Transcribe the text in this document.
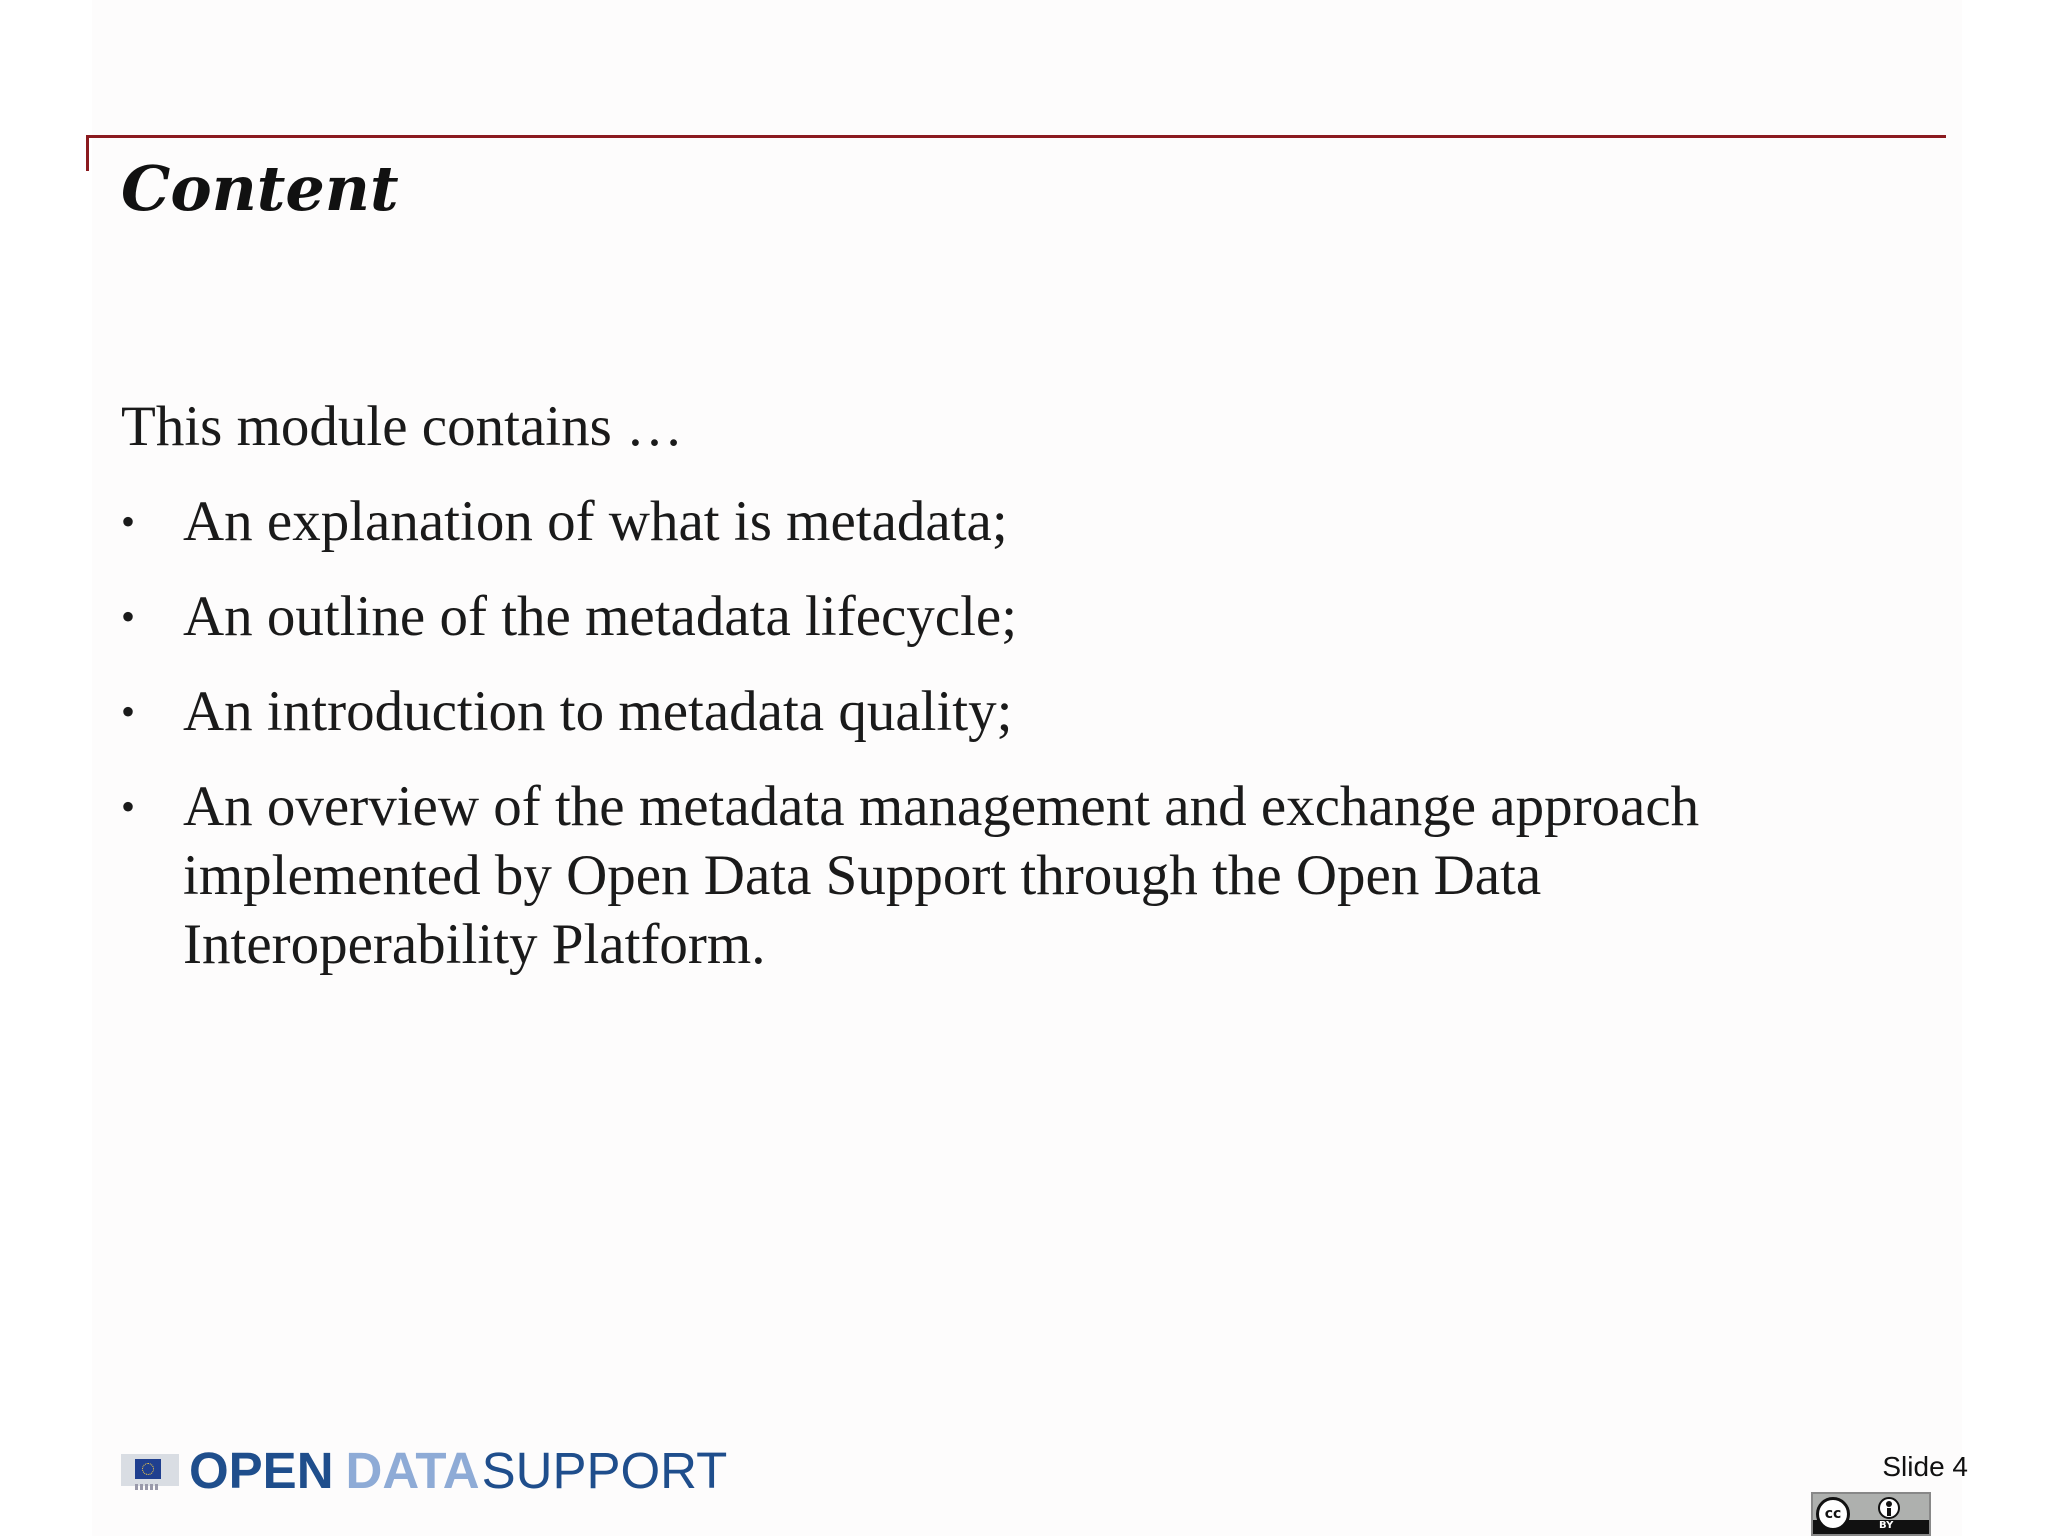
Content

This module contains …

• An explanation of what is metadata;
• An outline of the metadata lifecycle;
• An introduction to metadata quality;
• An overview of the metadata management and exchange approach implemented by Open Data Support through the Open Data Interoperability Platform.
OPEN DATA SUPPORT	Slide 4
cc
BY
